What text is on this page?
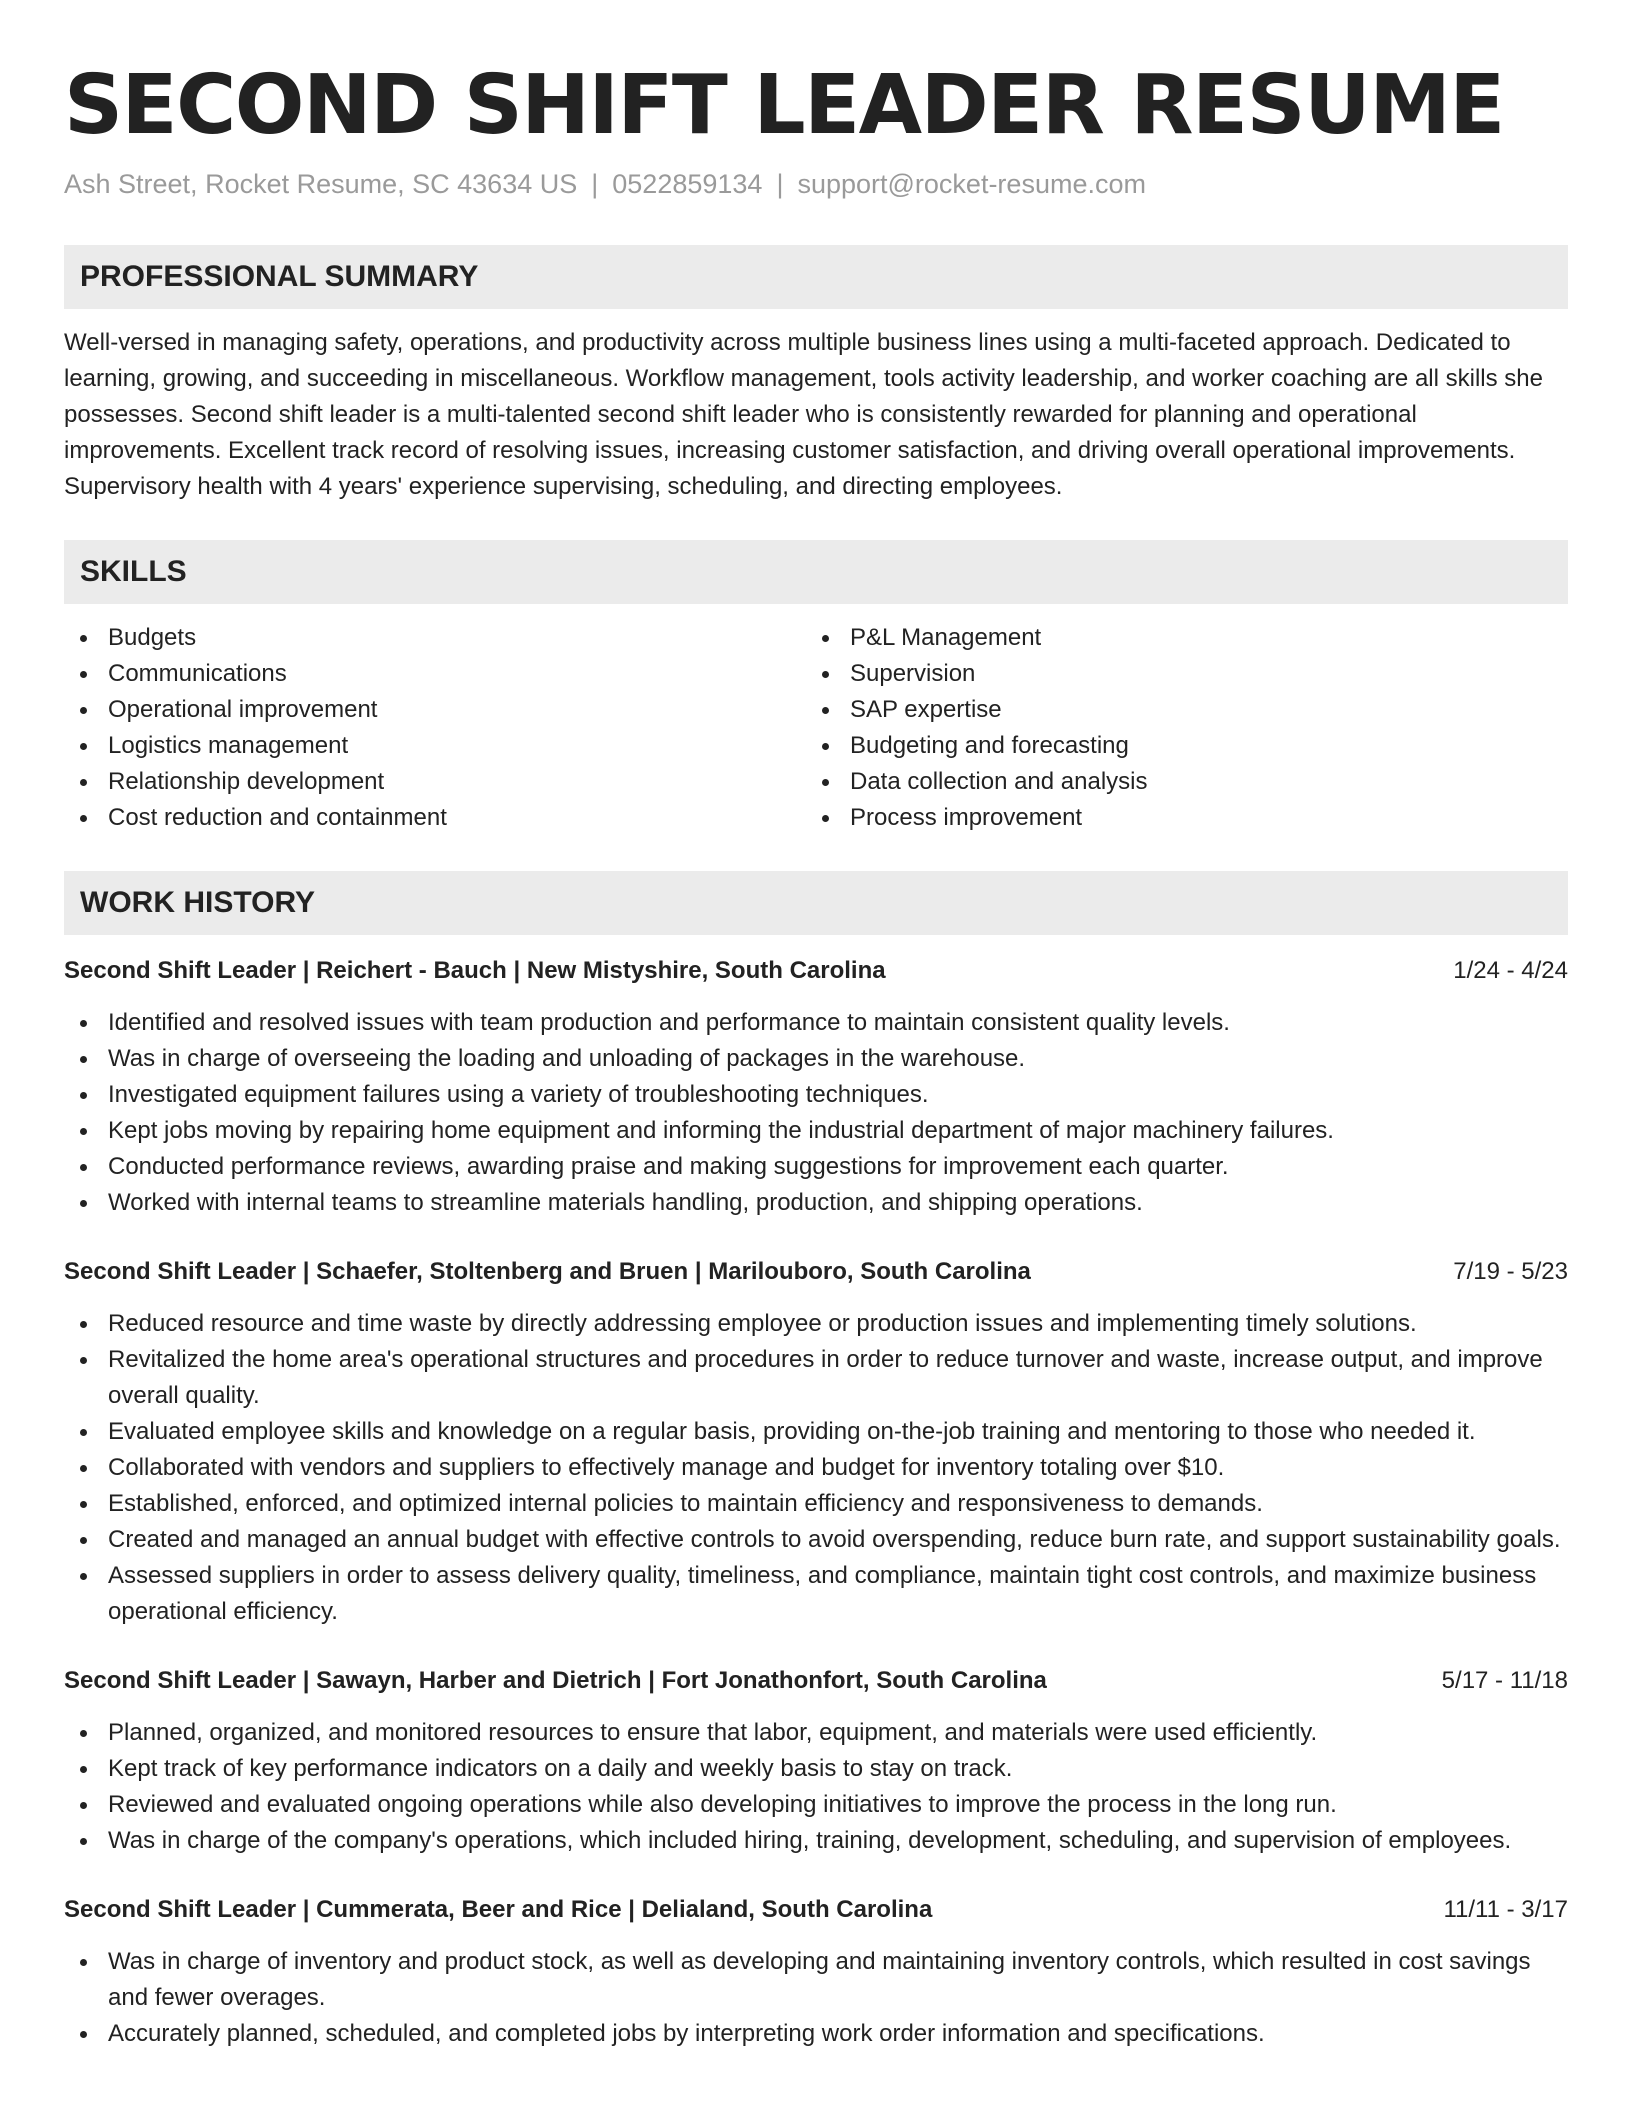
SECOND SHIFT LEADER RESUME
Ash Street, Rocket Resume, SC 43634 US | 0522859134 | support@rocket-resume.com
PROFESSIONAL SUMMARY

Well-versed in managing safety, operations, and productivity across multiple business lines using a multi-faceted approach. Dedicated to learning, growing, and succeeding in miscellaneous. Workflow management, tools activity leadership, and worker coaching are all skills she possesses. Second shift leader is a multi-talented second shift leader who is consistently rewarded for planning and operational improvements. Excellent track record of resolving issues, increasing customer satisfaction, and driving overall operational improvements. Supervisory health with 4 years' experience supervising, scheduling, and directing employees.

SKILLS
Budgets
Communications
Operational improvement
Logistics management
Relationship development
Cost reduction and containment
P&L Management
Supervision
SAP expertise
Budgeting and forecasting
Data collection and analysis
Process improvement
WORK HISTORY
Second Shift Leader | Reichert - Bauch | New Mistyshire, South Carolina	1/24 - 4/24
Identified and resolved issues with team production and performance to maintain consistent quality levels.
Was in charge of overseeing the loading and unloading of packages in the warehouse.
Investigated equipment failures using a variety of troubleshooting techniques.
Kept jobs moving by repairing home equipment and informing the industrial department of major machinery failures.
Conducted performance reviews, awarding praise and making suggestions for improvement each quarter.
Worked with internal teams to streamline materials handling, production, and shipping operations.
Second Shift Leader | Schaefer, Stoltenberg and Bruen | Marilouboro, South Carolina	7/19 - 5/23
Reduced resource and time waste by directly addressing employee or production issues and implementing timely solutions.
Revitalized the home area's operational structures and procedures in order to reduce turnover and waste, increase output, and improve overall quality.
Evaluated employee skills and knowledge on a regular basis, providing on-the-job training and mentoring to those who needed it.
Collaborated with vendors and suppliers to effectively manage and budget for inventory totaling over $10.
Established, enforced, and optimized internal policies to maintain efficiency and responsiveness to demands.
Created and managed an annual budget with effective controls to avoid overspending, reduce burn rate, and support sustainability goals.
Assessed suppliers in order to assess delivery quality, timeliness, and compliance, maintain tight cost controls, and maximize business operational efficiency.
Second Shift Leader | Sawayn, Harber and Dietrich | Fort Jonathonfort, South Carolina	5/17 - 11/18
Planned, organized, and monitored resources to ensure that labor, equipment, and materials were used efficiently.
Kept track of key performance indicators on a daily and weekly basis to stay on track.
Reviewed and evaluated ongoing operations while also developing initiatives to improve the process in the long run.
Was in charge of the company's operations, which included hiring, training, development, scheduling, and supervision of employees.
Second Shift Leader | Cummerata, Beer and Rice | Delialand, South Carolina	11/11 - 3/17
Was in charge of inventory and product stock, as well as developing and maintaining inventory controls, which resulted in cost savings and fewer overages.
Accurately planned, scheduled, and completed jobs by interpreting work order information and specifications.
